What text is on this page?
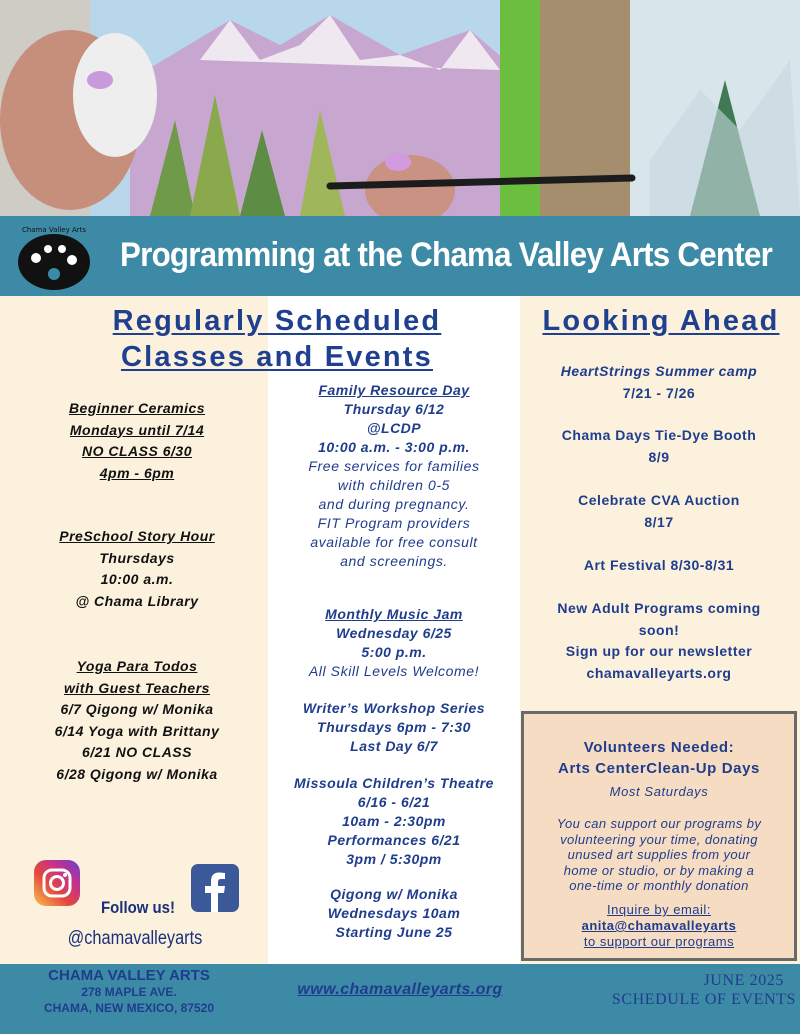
Chama Valley Arts
Programming at the Chama Valley Arts Center
Regularly Scheduled
Classes and Events
Looking Ahead
Beginner Ceramics
Mondays until 7/14
NO CLASS 6/30
4pm - 6pm
PreSchool Story Hour
Thursdays
10:00 a.m.
@ Chama Library
Yoga Para Todos
with Guest Teachers
6/7 Qigong w/ Monika
6/14 Yoga with Brittany
6/21 NO CLASS
6/28 Qigong w/ Monika
Follow us!
@chamavalleyarts
Family Resource Day
Thursday 6/12
@LCDP
10:00 a.m. - 3:00 p.m.
Free services for families
with children 0-5
and during pregnancy.
FIT Program providers
available for free consult
and screenings.
Monthly Music Jam
Wednesday 6/25
5:00 p.m.
All Skill Levels Welcome!
Writer’s Workshop Series
Thursdays 6pm - 7:30
Last Day 6/7
Missoula Children’s Theatre
6/16 - 6/21
10am - 2:30pm
Performances 6/21
3pm / 5:30pm
Qigong w/ Monika
Wednesdays 10am
Starting June 25
HeartStrings Summer camp
7/21 - 7/26
Chama Days Tie-Dye Booth
8/9
Celebrate CVA Auction
8/17
Art Festival 8/30-8/31
New Adult Programs coming
soon!
Sign up for our newsletter
chamavalleyarts.org
Volunteers Needed:
Arts CenterClean-Up Days
Most Saturdays
You can support our programs by
volunteering your time, donating
unused art supplies from your
home or studio, or by making a
one-time or monthly donation
Inquire by email:
anita@chamavalleyarts
to support our programs
CHAMA VALLEY ARTS
278 MAPLE AVE.
CHAMA, NEW MEXICO, 87520
www.chamavalleyarts.org
JUNE 2025
SCHEDULE OF EVENTS
